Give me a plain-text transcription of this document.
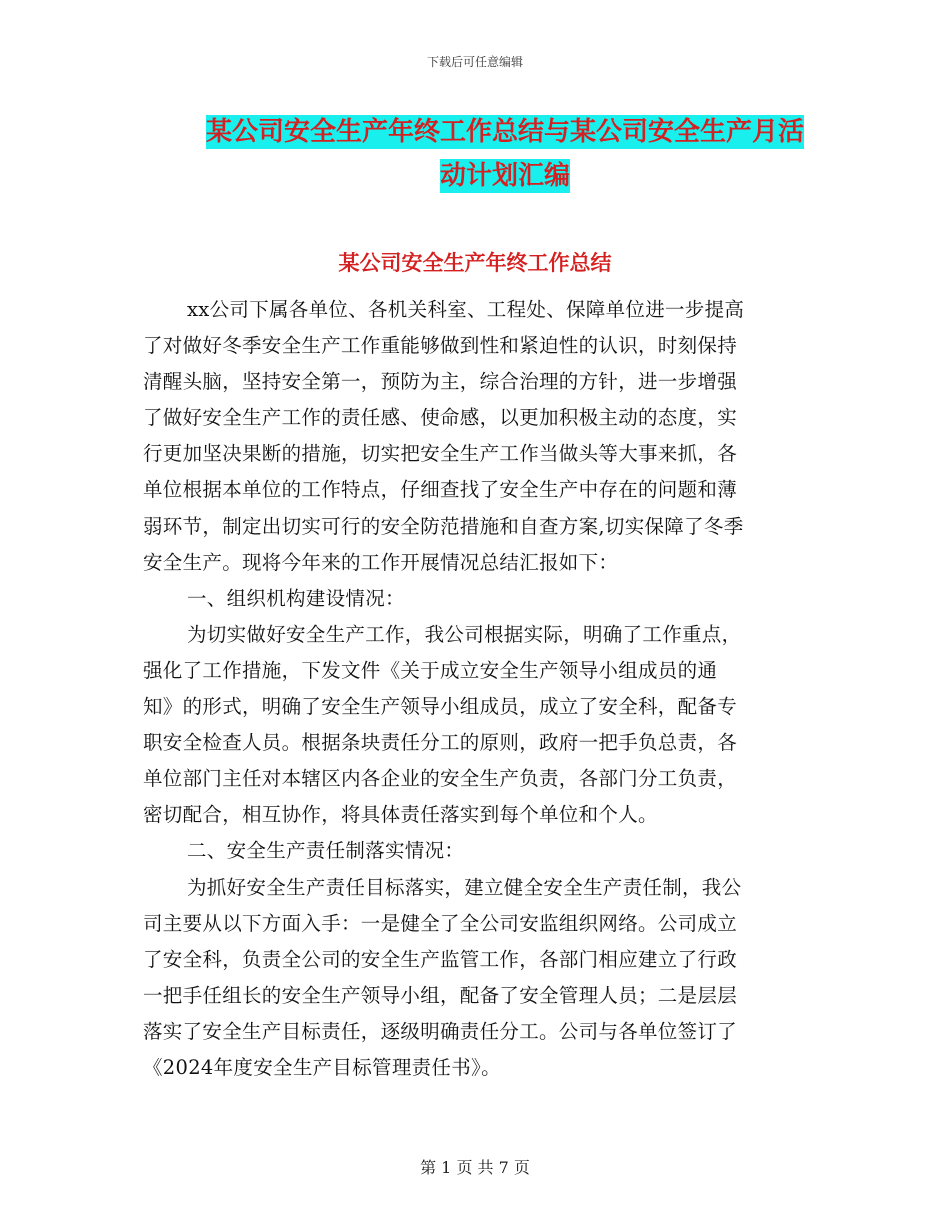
下载后可任意编辑
某公司安全生产年终工作总结与某公司安全生产月活
动计划汇编
某公司安全生产年终工作总结
xx公司下属各单位、各机关科室、工程处、保障单位进一步提高
了对做好冬季安全生产工作重能够做到性和紧迫性的认识，时刻保持
清醒头脑，坚持安全第一，预防为主，综合治理的方针，进一步增强
了做好安全生产工作的责任感、使命感，以更加积极主动的态度，实
行更加坚决果断的措施，切实把安全生产工作当做头等大事来抓，各
单位根据本单位的工作特点，仔细查找了安全生产中存在的问题和薄
弱环节，制定出切实可行的安全防范措施和自查方案,切实保障了冬季
安全生产。现将今年来的工作开展情况总结汇报如下：
一、组织机构建设情况：
为切实做好安全生产工作，我公司根据实际，明确了工作重点，
强化了工作措施，下发文件《关于成立安全生产领导小组成员的通
知》的形式，明确了安全生产领导小组成员，成立了安全科，配备专
职安全检查人员。根据条块责任分工的原则，政府一把手负总责，各
单位部门主任对本辖区内各企业的安全生产负责，各部门分工负责，
密切配合，相互协作，将具体责任落实到每个单位和个人。
二、安全生产责任制落实情况：
为抓好安全生产责任目标落实，建立健全安全生产责任制，我公
司主要从以下方面入手：一是健全了全公司安监组织网络。公司成立
了安全科，负责全公司的安全生产监管工作，各部门相应建立了行政
一把手任组长的安全生产领导小组，配备了安全管理人员；二是层层
落实了安全生产目标责任，逐级明确责任分工。公司与各单位签订了
《2024年度安全生产目标管理责任书》。
第 1 页 共 7 页
